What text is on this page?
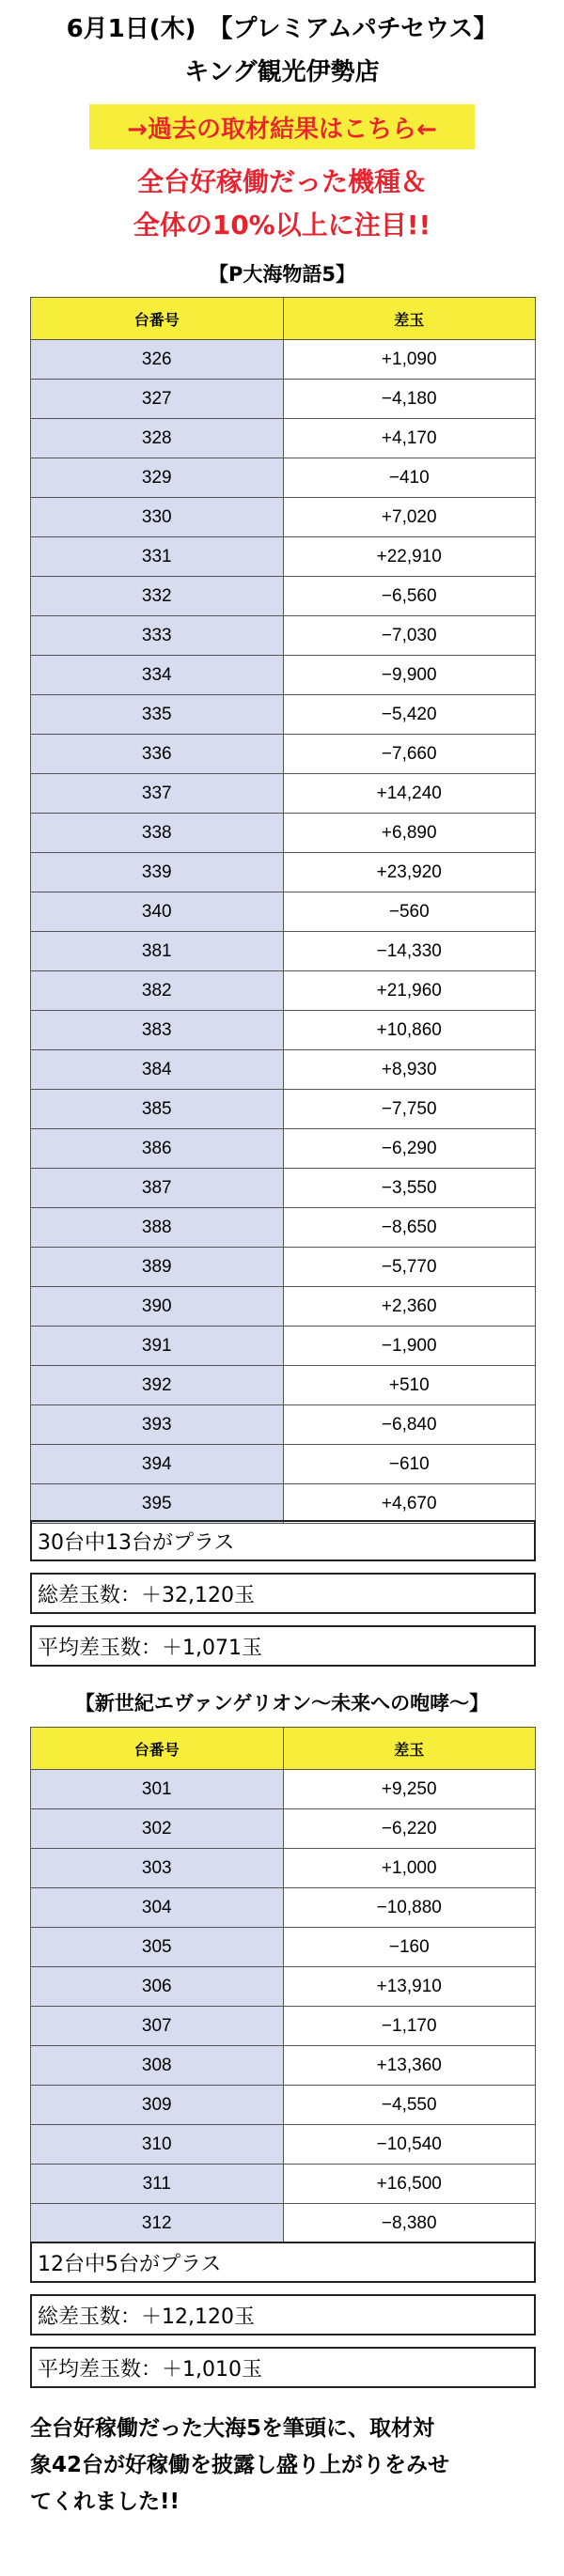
6月1日(木)　【プレミアムパチセウス】
キング観光伊勢店
→過去の取材結果はこちら←
全台好稼働だった機種＆
全体の10%以上に注目!!
【P大海物語5】
台番号	差玉
326	+1,090
327	−4,180
328	+4,170
329	−410
330	+7,020
331	+22,910
332	−6,560
333	−7,030
334	−9,900
335	−5,420
336	−7,660
337	+14,240
338	+6,890
339	+23,920
340	−560
381	−14,330
382	+21,960
383	+10,860
384	+8,930
385	−7,750
386	−6,290
387	−3,550
388	−8,650
389	−5,770
390	+2,360
391	−1,900
392	+510
393	−6,840
394	−610
395	+4,670
30台中13台がプラス
総差玉数：＋32,120玉
平均差玉数：＋1,071玉
【新世紀エヴァンゲリオン〜未来への咆哮〜】
台番号	差玉
301	+9,250
302	−6,220
303	+1,000
304	−10,880
305	−160
306	+13,910
307	−1,170
308	+13,360
309	−4,550
310	−10,540
311	+16,500
312	−8,380
12台中5台がプラス
総差玉数：＋12,120玉
平均差玉数：＋1,010玉
全台好稼働だった大海5を筆頭に、取材対
象42台が好稼働を披露し盛り上がりをみせ
てくれました!!
